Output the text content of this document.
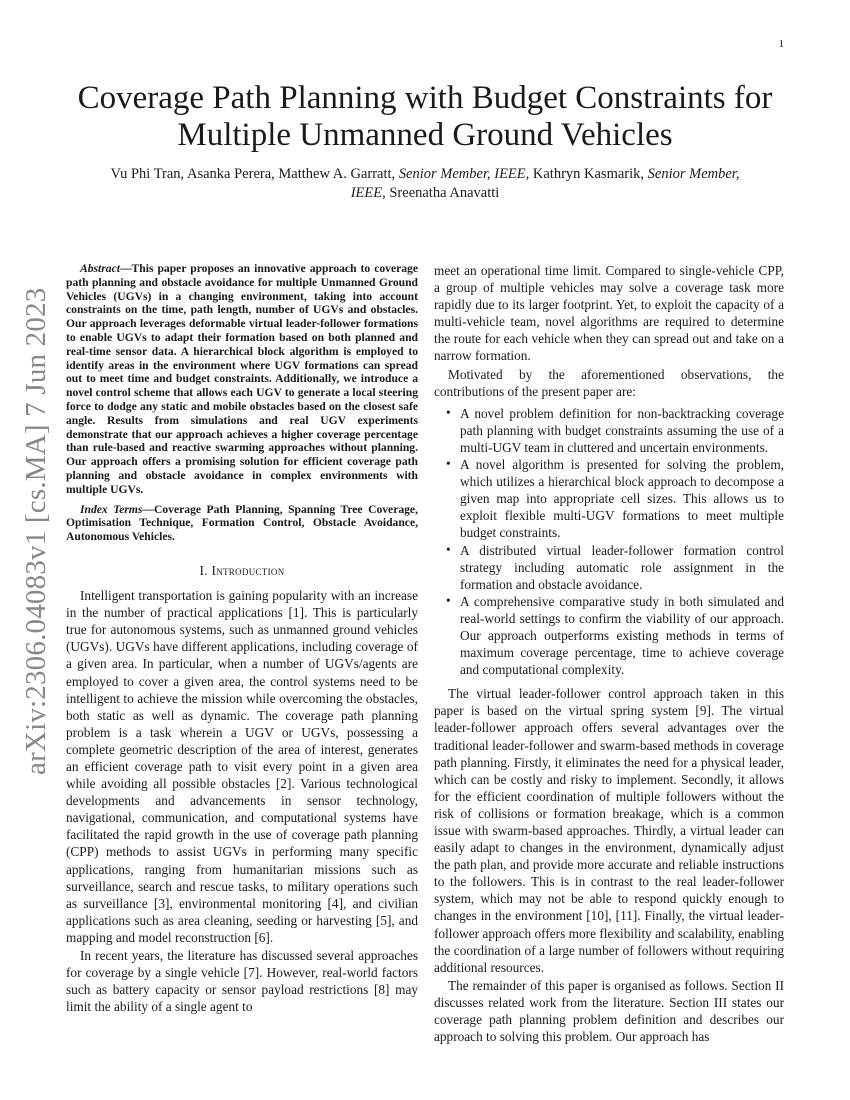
1
arXiv:2306.04083v1 [cs.MA] 7 Jun 2023
Coverage Path Planning with Budget Constraints for Multiple Unmanned Ground Vehicles
Vu Phi Tran, Asanka Perera, Matthew A. Garratt, Senior Member, IEEE, Kathryn Kasmarik, Senior Member, IEEE, Sreenatha Anavatti

Abstract—This paper proposes an innovative approach to coverage path planning and obstacle avoidance for multiple Unmanned Ground Vehicles (UGVs) in a changing environment, taking into account constraints on the time, path length, number of UGVs and obstacles. Our approach leverages deformable virtual leader-follower formations to enable UGVs to adapt their formation based on both planned and real-time sensor data. A hierarchical block algorithm is employed to identify areas in the environment where UGV formations can spread out to meet time and budget constraints. Additionally, we introduce a novel control scheme that allows each UGV to generate a local steering force to dodge any static and mobile obstacles based on the closest safe angle. Results from simulations and real UGV experiments demonstrate that our approach achieves a higher coverage percentage than rule-based and reactive swarming approaches without planning. Our approach offers a promising solution for efficient coverage path planning and obstacle avoidance in complex environments with multiple UGVs.

Index Terms—Coverage Path Planning, Spanning Tree Coverage, Optimisation Technique, Formation Control, Obstacle Avoidance, Autonomous Vehicles.

I. Introduction

Intelligent transportation is gaining popularity with an increase in the number of practical applications [1]. This is particularly true for autonomous systems, such as unmanned ground vehicles (UGVs). UGVs have different applications, including coverage of a given area. In particular, when a number of UGVs/agents are employed to cover a given area, the control systems need to be intelligent to achieve the mission while overcoming the obstacles, both static as well as dynamic. The coverage path planning problem is a task wherein a UGV or UGVs, possessing a complete geometric description of the area of interest, generates an efficient coverage path to visit every point in a given area while avoiding all possible obstacles [2]. Various technological developments and advancements in sensor technology, navigational, communication, and computational systems have facilitated the rapid growth in the use of coverage path planning (CPP) methods to assist UGVs in performing many specific applications, ranging from humanitarian missions such as surveillance, search and rescue tasks, to military operations such as surveillance [3], environmental monitoring [4], and civilian applications such as area cleaning, seeding or harvesting [5], and mapping and model reconstruction [6].

In recent years, the literature has discussed several approaches for coverage by a single vehicle [7]. However, real-world factors such as battery capacity or sensor payload restrictions [8] may limit the ability of a single agent to

meet an operational time limit. Compared to single-vehicle CPP, a group of multiple vehicles may solve a coverage task more rapidly due to its larger footprint. Yet, to exploit the capacity of a multi-vehicle team, novel algorithms are required to determine the route for each vehicle when they can spread out and take on a narrow formation.

Motivated by the aforementioned observations, the contributions of the present paper are:

• A novel problem definition for non-backtracking coverage path planning with budget constraints assuming the use of a multi-UGV team in cluttered and uncertain environments.
• A novel algorithm is presented for solving the problem, which utilizes a hierarchical block approach to decompose a given map into appropriate cell sizes. This allows us to exploit flexible multi-UGV formations to meet multiple budget constraints.
• A distributed virtual leader-follower formation control strategy including automatic role assignment in the formation and obstacle avoidance.
• A comprehensive comparative study in both simulated and real-world settings to confirm the viability of our approach. Our approach outperforms existing methods in terms of maximum coverage percentage, time to achieve coverage and computational complexity.

The virtual leader-follower control approach taken in this paper is based on the virtual spring system [9]. The virtual leader-follower approach offers several advantages over the traditional leader-follower and swarm-based methods in coverage path planning. Firstly, it eliminates the need for a physical leader, which can be costly and risky to implement. Secondly, it allows for the efficient coordination of multiple followers without the risk of collisions or formation breakage, which is a common issue with swarm-based approaches. Thirdly, a virtual leader can easily adapt to changes in the environment, dynamically adjust the path plan, and provide more accurate and reliable instructions to the followers. This is in contrast to the real leader-follower system, which may not be able to respond quickly enough to changes in the environment [10], [11]. Finally, the virtual leader-follower approach offers more flexibility and scalability, enabling the coordination of a large number of followers without requiring additional resources.

The remainder of this paper is organised as follows. Section II discusses related work from the literature. Section III states our coverage path planning problem definition and describes our approach to solving this problem. Our approach has
